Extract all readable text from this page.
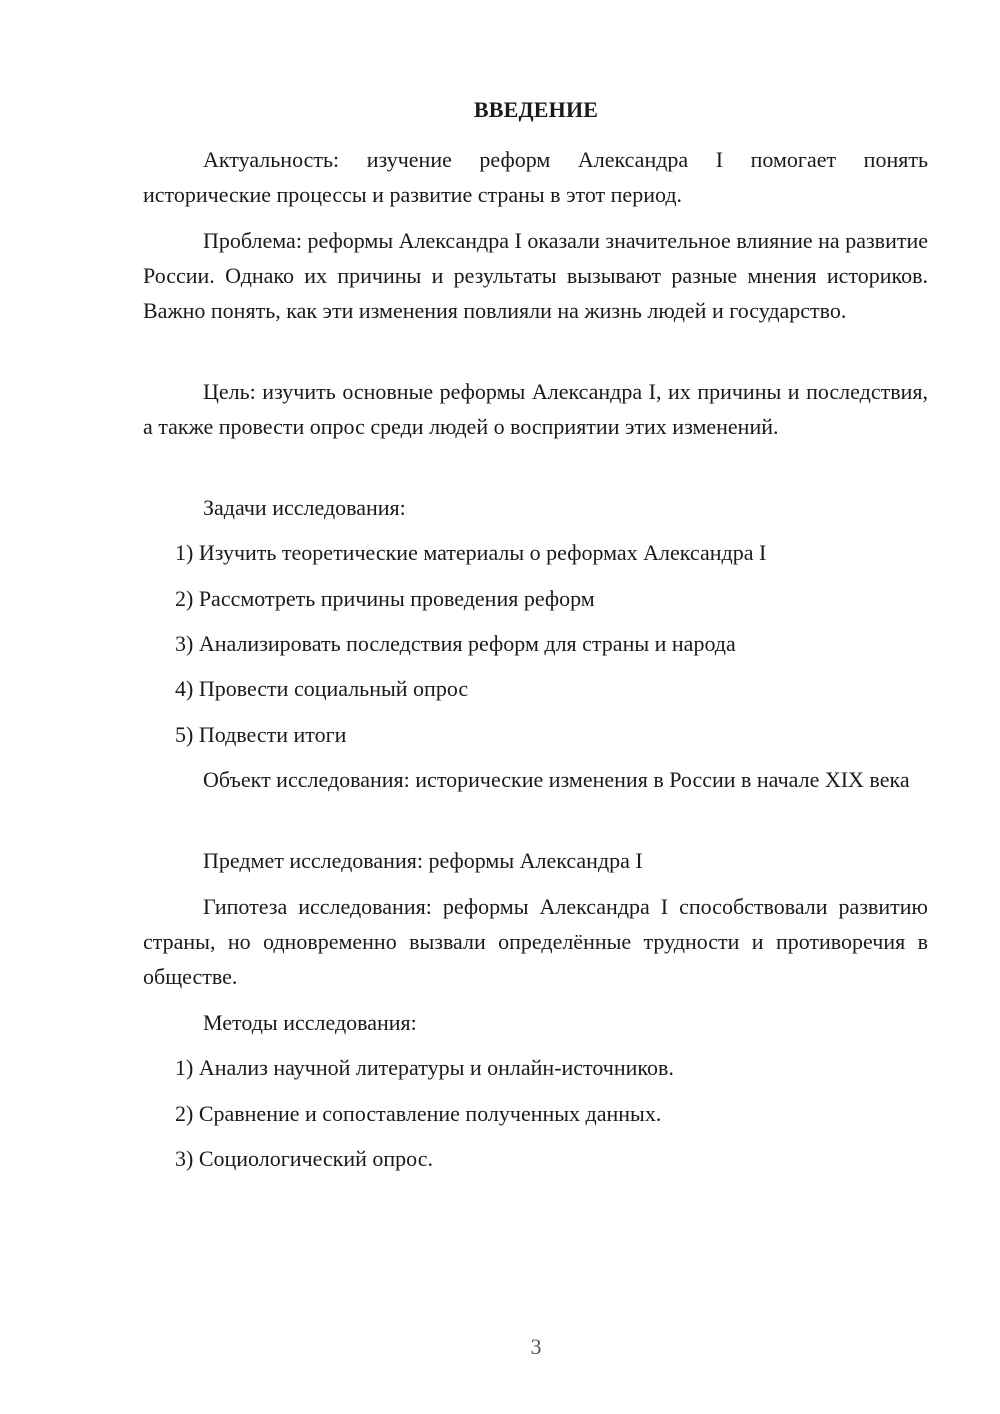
ВВЕДЕНИЕ

Актуальность: изучение реформ Александра I помогает понять исторические процессы и развитие страны в этот период.

Проблема: реформы Александра I оказали значительное влияние на развитие России. Однако их причины и результаты вызывают разные мнения историков. Важно понять, как эти изменения повлияли на жизнь людей и государство.

Цель: изучить основные реформы Александра I, их причины и последствия, а также провести опрос среди людей о восприятии этих изменений.

Задачи исследования:

1) Изучить теоретические материалы о реформах Александра I

2) Рассмотреть причины проведения реформ

3) Анализировать последствия реформ для страны и народа

4) Провести социальный опрос

5) Подвести итоги

Объект исследования: исторические изменения в России в начале XIX века

Предмет исследования: реформы Александра I

Гипотеза исследования: реформы Александра I способствовали развитию страны, но одновременно вызвали определённые трудности и противоречия в обществе.

Методы исследования:

1) Анализ научной литературы и онлайн-источников.

2) Сравнение и сопоставление полученных данных.

3) Социологический опрос.

3
